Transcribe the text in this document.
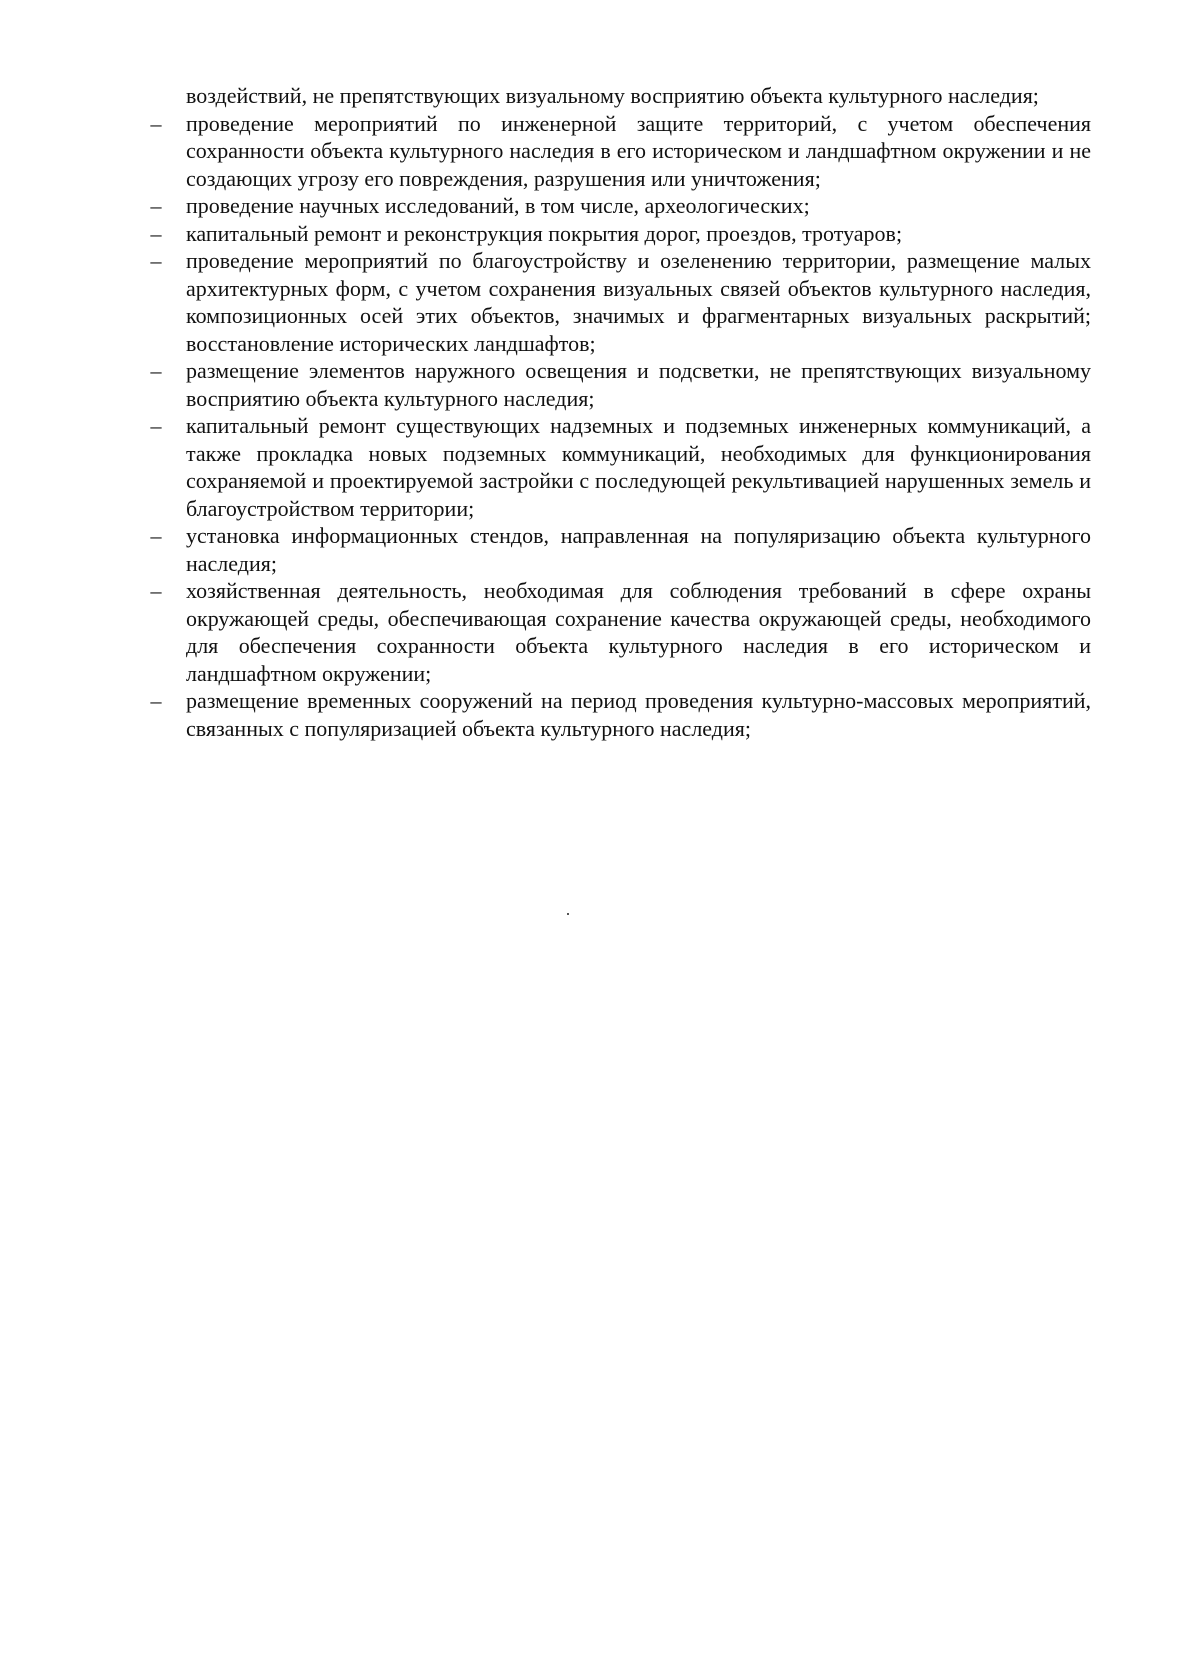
воздействий, не препятствующих визуальному восприятию объекта культурного наследия;

– проведение мероприятий по инженерной защите территорий, с учетом обеспечения сохранности объекта культурного наследия в его историческом и ландшафтном окружении и не создающих угрозу его повреждения, разрушения или уничтожения;
– проведение научных исследований, в том числе, археологических;
– капитальный ремонт и реконструкция покрытия дорог, проездов, тротуаров;
– проведение мероприятий по благоустройству и озеленению территории, размещение малых архитектурных форм, с учетом сохранения визуальных связей объектов культурного наследия, композиционных осей этих объектов, значимых и фрагментарных визуальных раскрытий; восстановление исторических ландшафтов;
– размещение элементов наружного освещения и подсветки, не препятствующих визуальному восприятию объекта культурного наследия;
– капитальный ремонт существующих надземных и подземных инженерных коммуникаций, а также прокладка новых подземных коммуникаций, необходимых для функционирования сохраняемой и проектируемой застройки с последующей рекультивацией нарушенных земель и благоустройством территории;
– установка информационных стендов, направленная на популяризацию объекта культурного наследия;
– хозяйственная деятельность, необходимая для соблюдения требований в сфере охраны окружающей среды, обеспечивающая сохранение качества окружающей среды, необходимого для обеспечения сохранности объекта культурного наследия в его историческом и ландшафтном окружении;
– размещение временных сооружений на период проведения культурно-массовых мероприятий, связанных с популяризацией объекта культурного наследия;
